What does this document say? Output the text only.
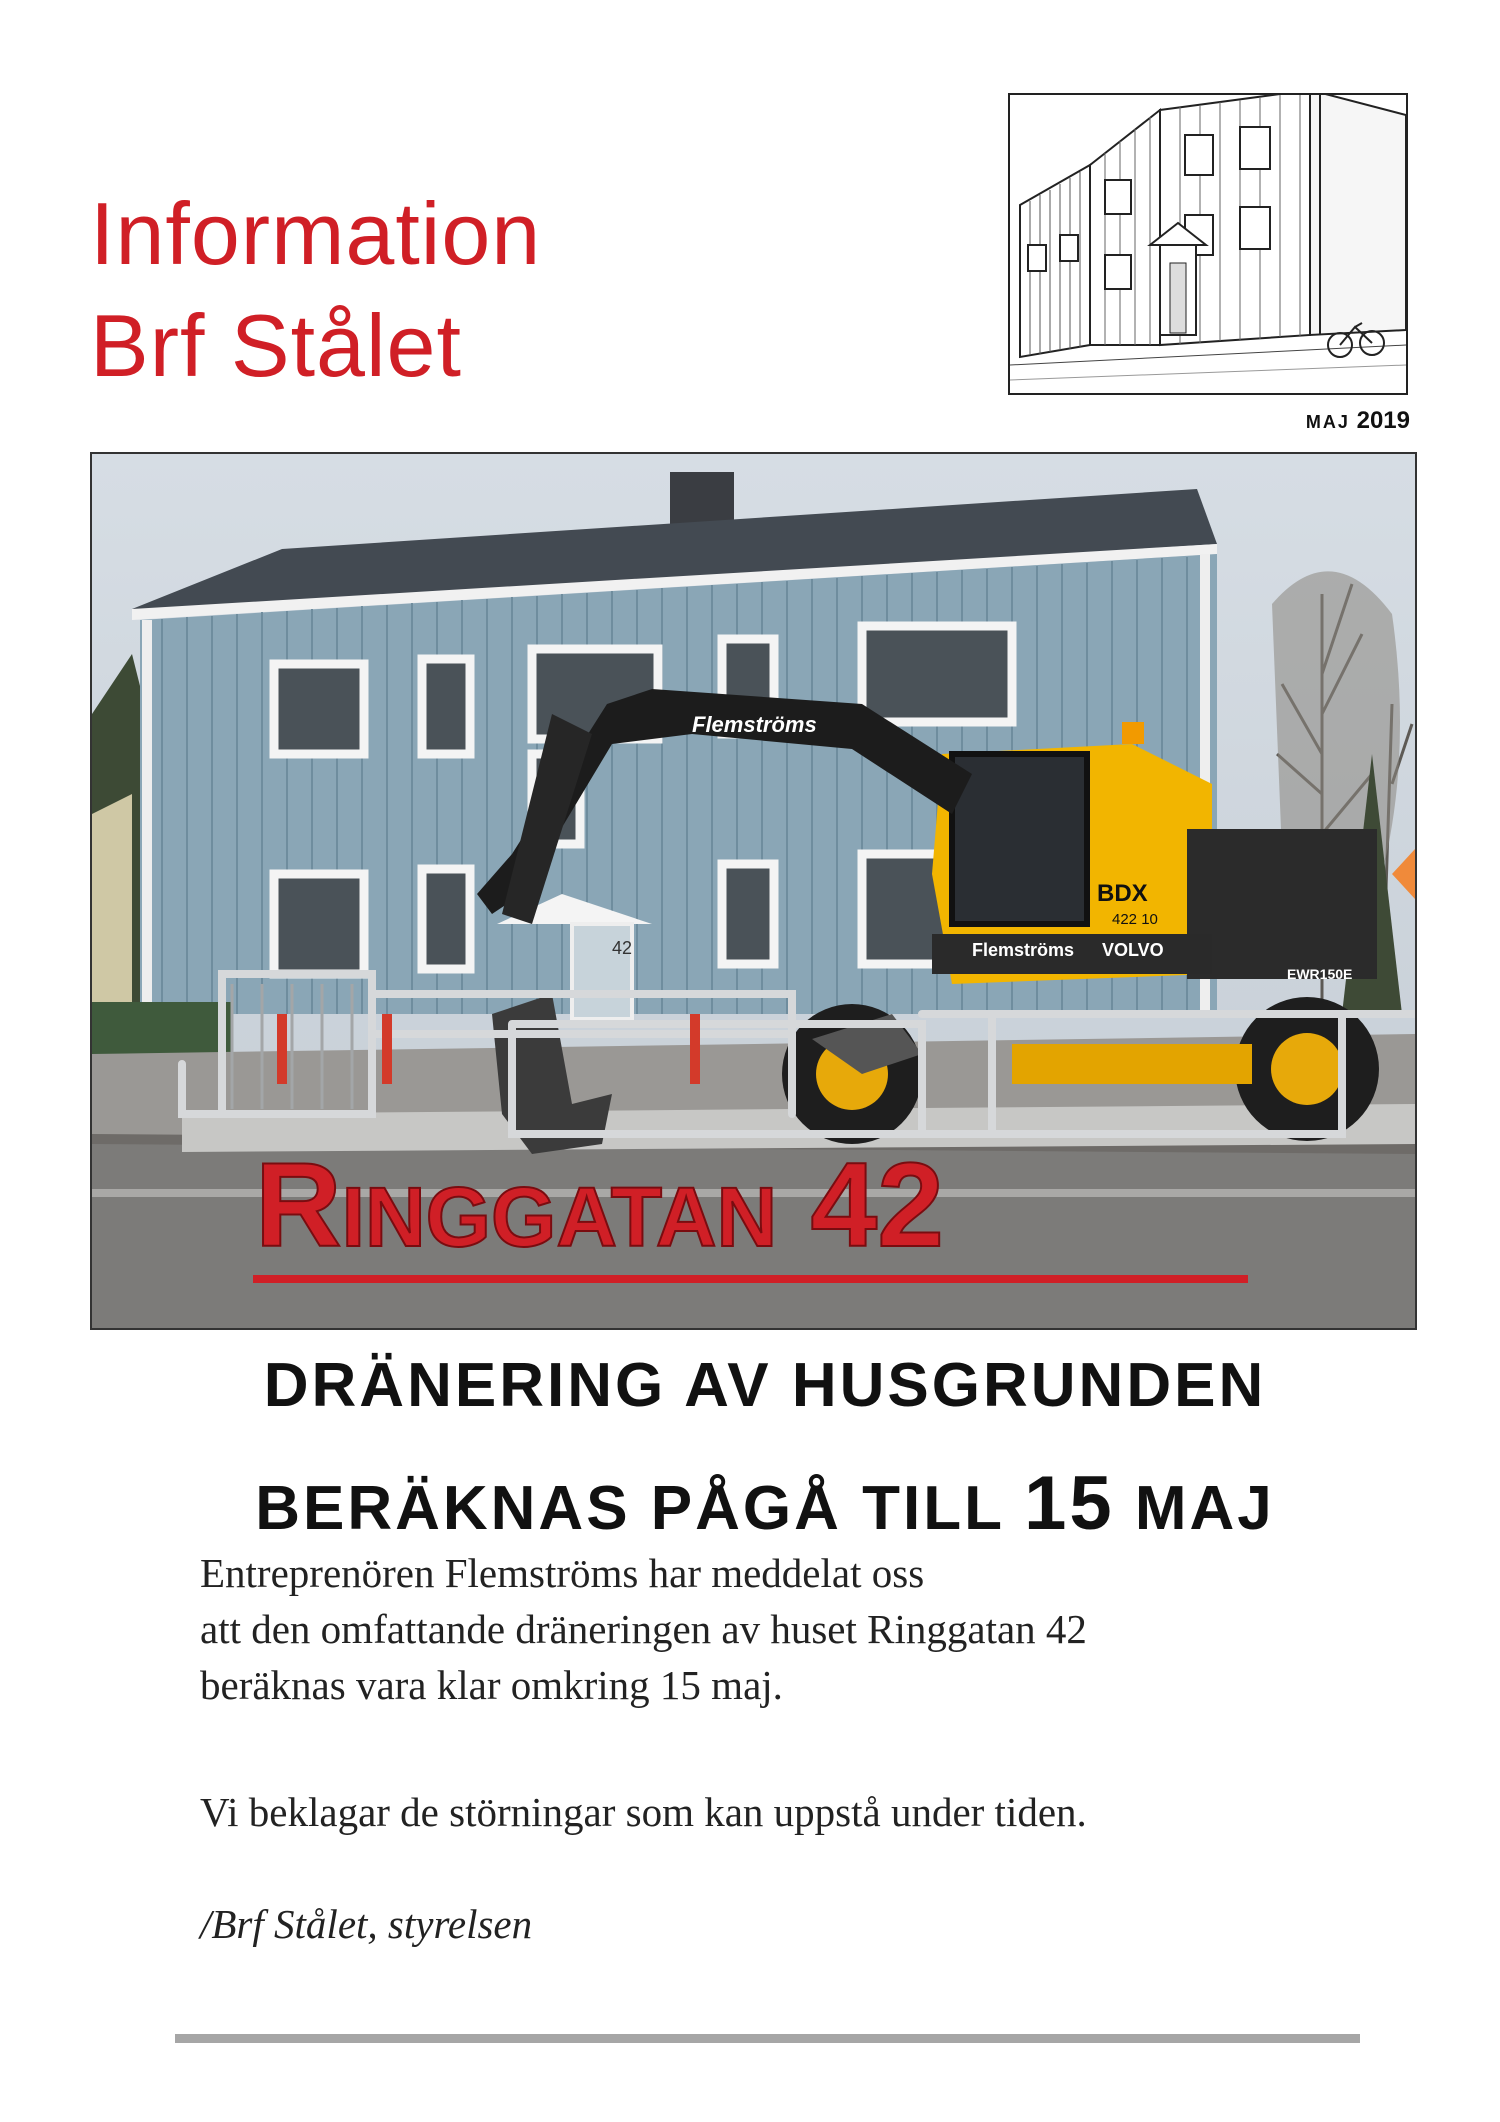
Information
Brf Stålet
MAJ 2019
42
BDX
422 10
Flemströms VOLVO
EWR150E
Flemströms
Ringgatan 42
DRÄNERING AV HUSGRUNDEN
BERÄKNAS PÅGÅ TILL 15 MAJ
Entreprenören Flemströms har meddelat oss
att den omfattande dräneringen av huset Ringgatan 42
beräknas vara klar omkring 15 maj.
Vi beklagar de störningar som kan uppstå under tiden.
/Brf Stålet, styrelsen
